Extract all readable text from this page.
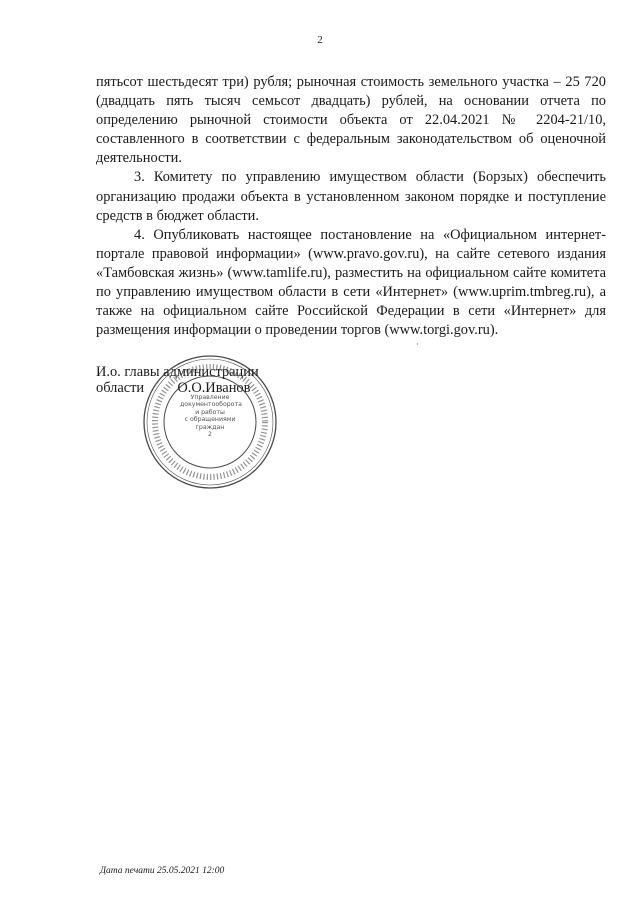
2

пятьсот шестьдесят три) рубля; рыночная стоимость земельного участка – 25 720 (двадцать пять тысяч семьсот двадцать) рублей, на основании отчета по определению рыночной стоимости объекта от 22.04.2021 № 2204-21/10, составленного в соответствии с федеральным законодательством об оценочной деятельности.

3. Комитету по управлению имуществом области (Борзых) обеспечить организацию продажи объекта в установленном законом порядке и поступление средств в бюджет области.

4. Опубликовать настоящее постановление на «Официальном интернет-портале правовой информации» (www.pravo.gov.ru), на сайте сетевого издания «Тамбовская жизнь» (www.tamlife.ru), разместить на официальном сайте комитета по управлению имуществом области в сети «Интернет» (www.uprim.tmbreg.ru), а также на официальном сайте Российской Федерации в сети «Интернет» для размещения информации о проведении торгов (www.torgi.gov.ru).

·
И.о. главы администрации
области О.О.Иванов
Управление
документооборота
и работы
с обращениями
граждан
2
Дата печати 25.05.2021 12:00
